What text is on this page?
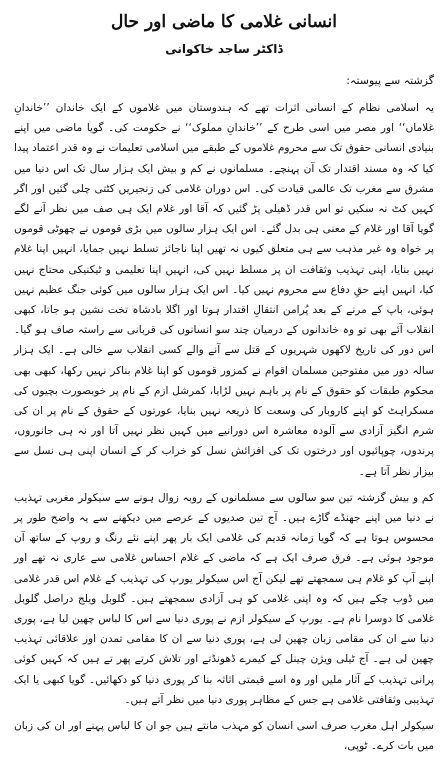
انسانی غلامی کا ماضی اور حال
ڈاکٹر ساجد خاکوانی

گزشتہ سے پیوستہ:

یہ اسلامی نظام کے انسانی اثرات تھے کہ ہندوستان میں غلاموں کے ایک خاندان ’’خاندانِ غلاماں‘‘ اور مصر میں اسی طرح کے ’’خاندانِ مملوک‘‘ نے حکومت کی۔ گویا ماضی میں اپنے بنیادی انسانی حقوق تک سے محروم غلاموں کے طبقے میں اسلامی تعلیمات نے وہ قدر اعتماد پیدا کیا کہ وہ مسند اقتدار تک آن پہنچے۔ مسلمانوں نے کم و بیش ایک ہزار سال تک اس دنیا میں مشرق سے مغرب تک عالمی قیادت کی۔ اس دوران غلامی کی زنجیریں کٹتی چلی گئیں اور اگر کہیں کٹ نہ سکیں تو اس قدر ڈھیلی پڑ گئیں کہ آقا اور غلام ایک ہی صف میں نظر آنے لگے گویا آقا اور غلام کے معنی ہی بدل گئے۔ اس ایک ہزار سالوں میں بڑی قوموں نے چھوٹی قوموں پر خواہ وہ غیر مذہب سے ہی متعلق کیوں نہ تھیں اپنا ناجائز تسلط نہیں جمایا، انہیں اپنا غلام نہیں بنایا، اپنی تہذیب وثقافت ان پر مسلط نہیں کی، انہیں اپنا تعلیمی و ٹیکنیکی محتاج نہیں کیا، انہیں اپنے حقِ دفاع سے محروم نہیں کیا۔ اس ایک ہزار سالوں میں کوئی جنگ عظیم نہیں ہوئی، باپ کے مرنے کے بعد پُرامن انتقالِ اقتدار ہوتا اور اگلا بادشاہ تخت نشین ہو جاتا، کبھی انقلاب آئے بھی تو وہ خاندانوں کے درمیان چند سو انسانوں کی قربانی سے راستہ صاف ہو گیا۔ اس دور کی تاریخ لاکھوں شہریوں کے قتل سے آنے والے کسی انقلاب سے خالی ہے۔ ایک ہزار سالہ دور میں مفتوحین مسلمان اقوام نے کمزور قوموں کو اپنا غلام بناکر نہیں رکھا، کبھی بھی محکوم طبقات کو حقوق کے نام پر باہم نہیں لڑایا، کمرشل ازم کے نام پر خوبصورت بچیوں کی مسکراہٹ کو اپنے کاروبار کی وسعت کا ذریعہ نہیں بنایا، عورتوں کے حقوق کے نام پر ان کی شرم انگیز آزادی سے آلودہ معاشرہ اس دورانیے میں کہیں نظر نہیں آتا اور نہ ہی جانوروں، پرندوں، چوپائیوں اور درختوں تک کی افزائش نسل کو خراب کر کے انسان اپنی ہی نسل سے بیزار نظر آتا ہے۔

کم و بیش گزشتہ تین سو سالوں سے مسلمانوں کے روبہ زوال ہونے سے سیکولر مغربی تہذیب نے دنیا میں اپنے جھنڈے گاڑے ہیں۔ آج تین صدیوں کے عرصے میں دیکھنے سے یہ واضح طور پر محسوس ہوتا ہے کہ گویا زمانہ قدیم کی غلامی ایک بار پھر اپنے نئے رنگ و روپ کے ساتھ آن موجود ہوئی ہے۔ فرق صرف ایک ہے کہ ماضی کے غلام احساس غلامی سے عاری نہ تھے اور اپنے آپ کو غلام ہی سمجھتے تھے لیکن آج اس سیکولر یورپ کی تہذیب کے غلام اس قدر غلامی میں ڈوب چکے ہیں کہ وہ اپنی غلامی کو ہی آزادی سمجھتے ہیں۔ گلوبل ویلج دراصل گلوبل غلامی کا دوسرا نام ہے۔ یورپ کے سیکولر ازم نے پوری دنیا سے اس کا لباس چھین لیا ہے، پوری دنیا سے ان کی مقامی زبان چھین لی ہے، پوری دنیا سے ان کا مقامی تمدن اور علاقائی تہذیب چھین لی ہے۔ آج ٹیلی ویژن چینل کے کیمرے ڈھونڈتے اور تلاش کرتے پھر تے ہیں کہ کہیں کوئی پرانی تہذیب کے آثار ملیں اور وہ اسے قیمتی اثاثہ بنا کر پوری دنیا کو دکھائیں۔ گویا کبھی یا ایک تہذیبی وثقافتی غلامی ہے جس کے مظاہر پوری دنیا میں نظر آتے ہیں۔

سیکولر اہل مغرب صرف اسی انسان کو مہذب مانتے ہیں جو ان کا لباس پہنے اور ان کی زبان میں بات کرے۔ ٹوپی،
